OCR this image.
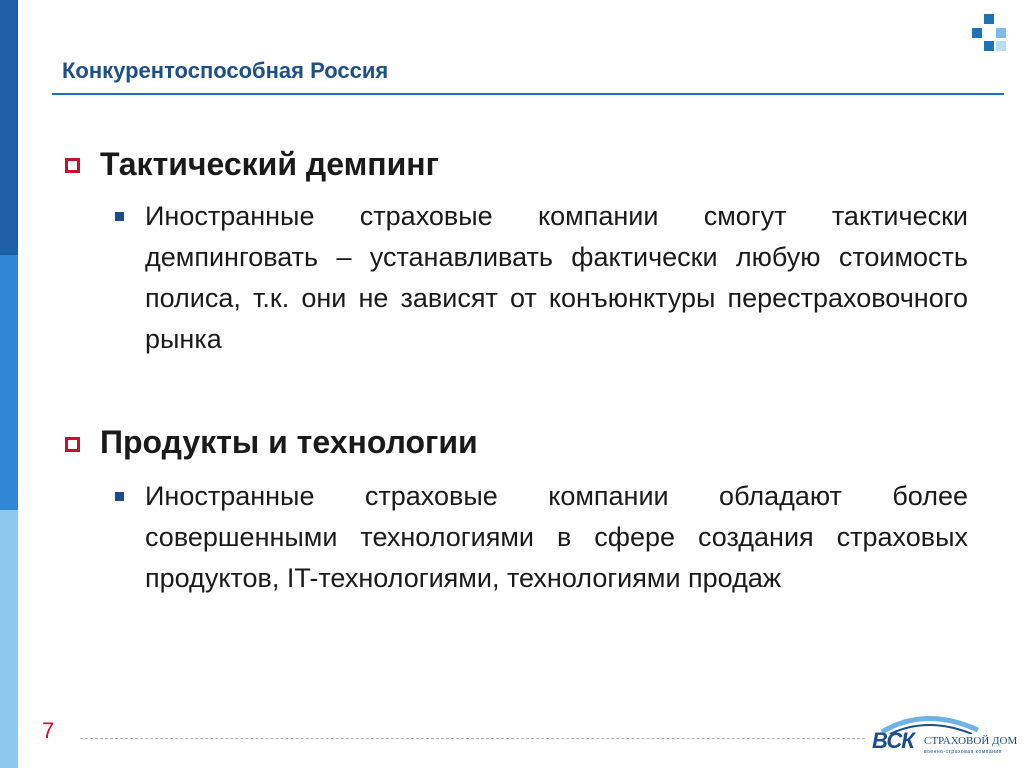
Конкурентоспособная Россия
Тактический демпинг
Иностранные страховые компании смогут тактически демпинговать – устанавливать фактически любую стоимость полиса, т.к. они не зависят от конъюнктуры перестраховочного рынка
Продукты и технологии
Иностранные страховые компании обладают более совершенными технологиями в сфере создания страховых продуктов, IT-технологиями, технологиями продаж
7	ВСК СТРАХОВОЙ ДОМ
военно-страховая компания
